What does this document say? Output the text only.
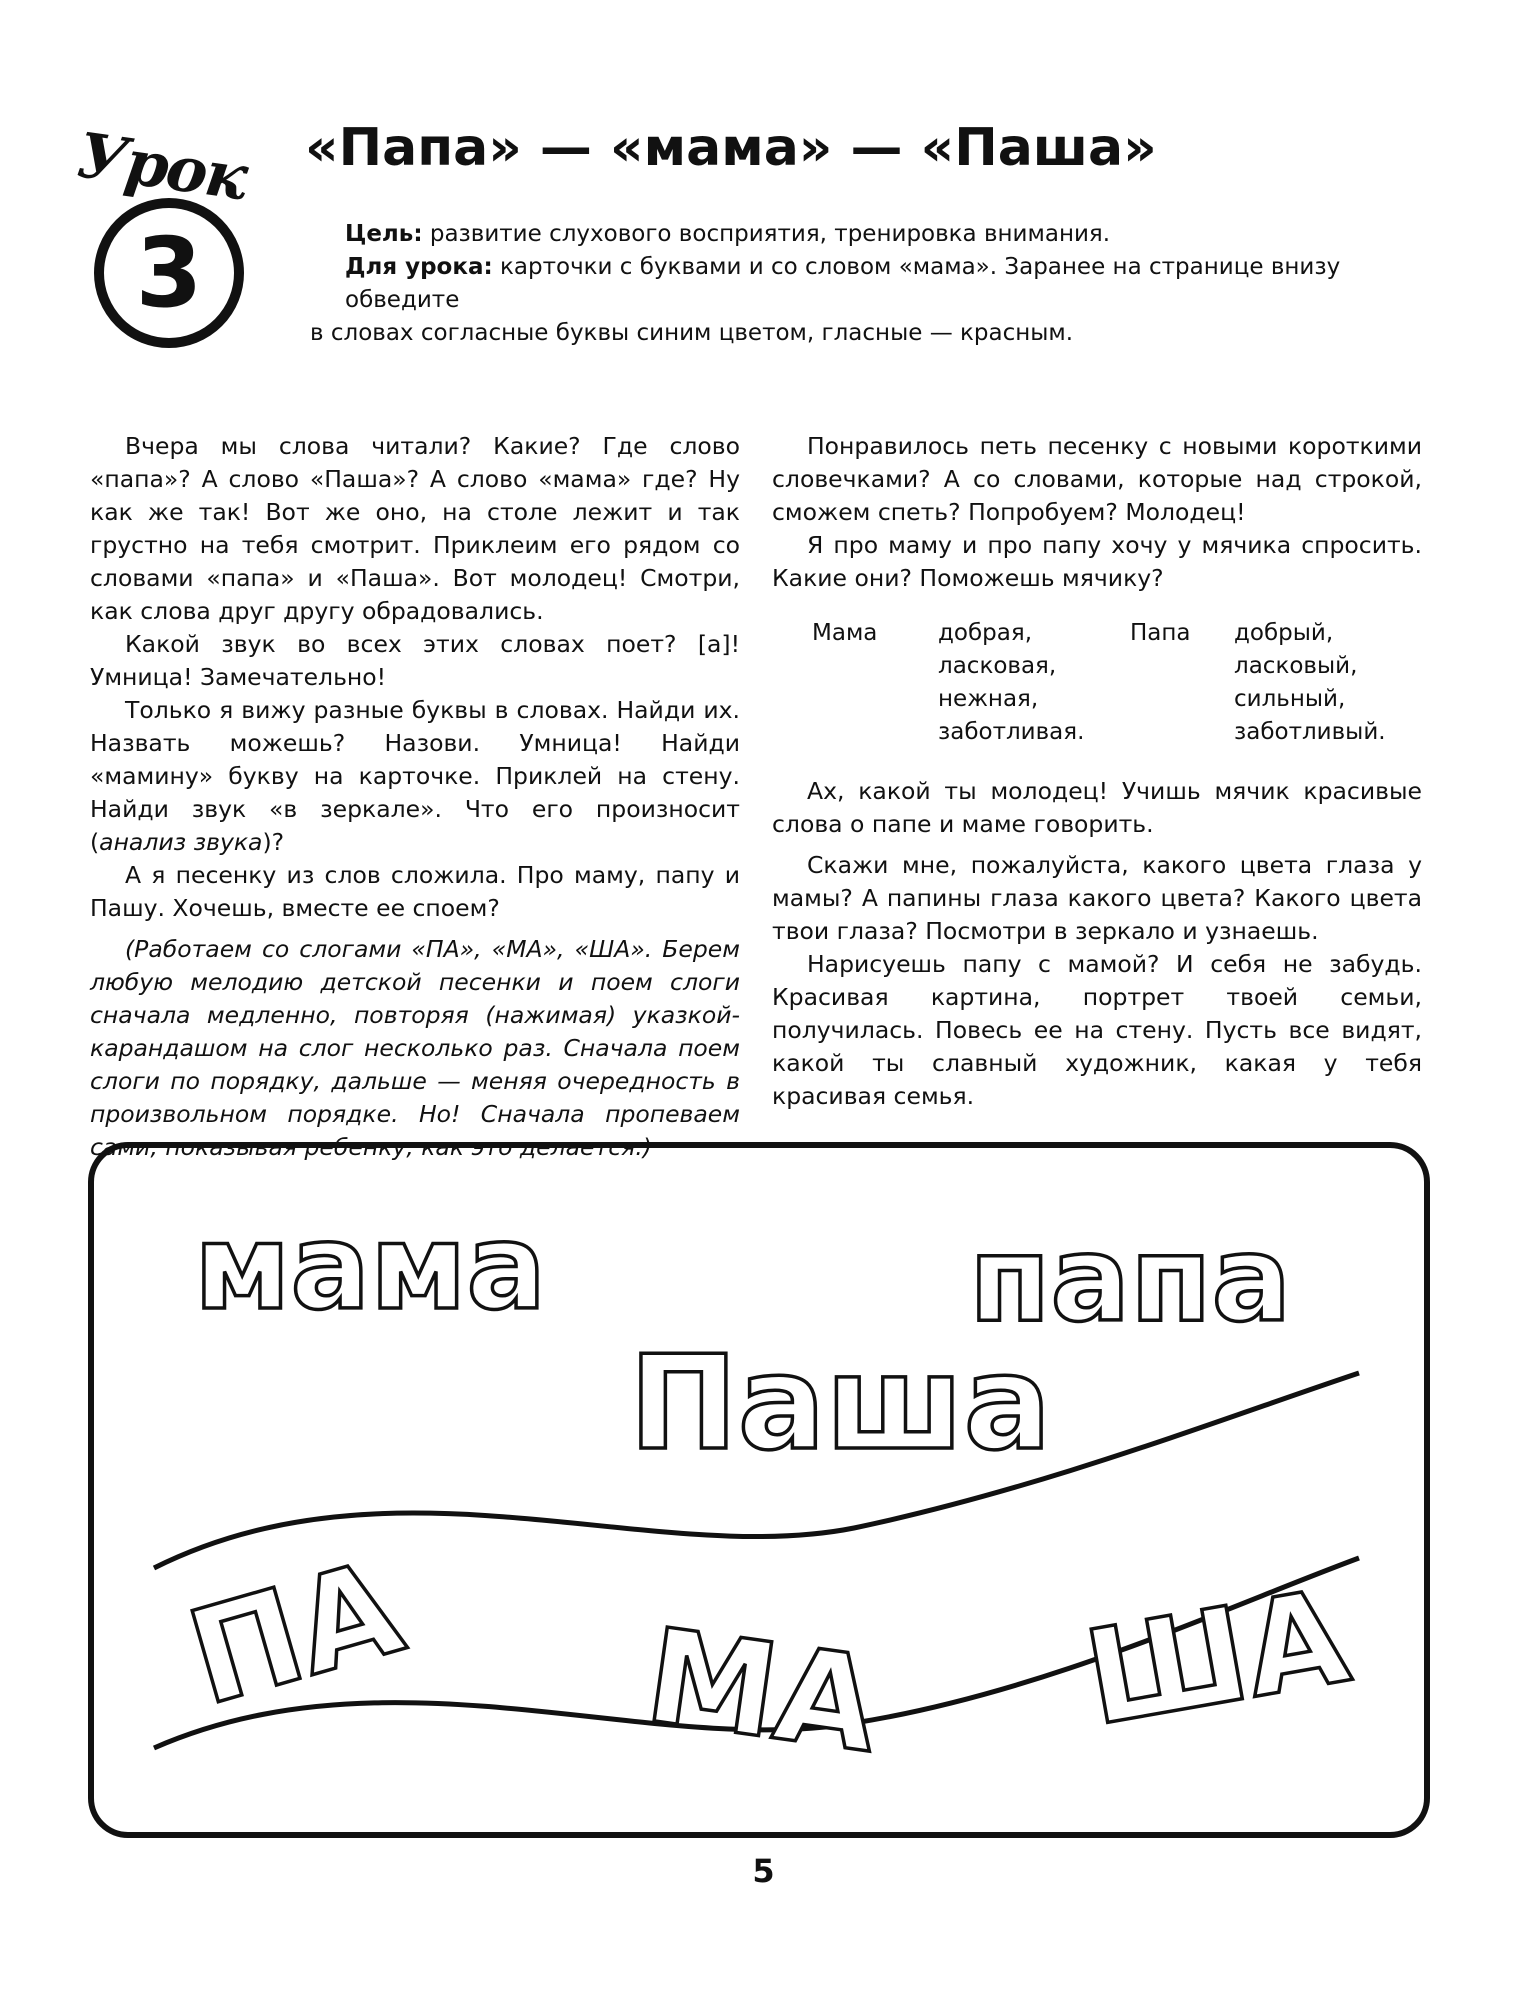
Урок
3
«Папа» — «мама» — «Паша»

Цель: развитие слухового восприятия, тренировка внимания.

Для урока: карточки с буквами и со словом «мама». Заранее на странице внизу обведите

в словах согласные буквы синим цветом, гласные — красным.

Вчера мы слова читали? Какие? Где слово «папа»? А слово «Паша»? А слово «мама» где? Ну как же так! Вот же оно, на столе лежит и так грустно на тебя смотрит. Приклеим его рядом со словами «папа» и «Паша». Вот молодец! Смотри, как слова друг другу обрадовались.

Какой звук во всех этих словах поет? [а]! Умница! Замечательно!

Только я вижу разные буквы в словах. Найди их. Назвать можешь? Назови. Умница! Найди «мамину» букву на карточке. Приклей на стену. Найди звук «в зеркале». Что его произносит (анализ звука)?

А я песенку из слов сложила. Про маму, папу и Пашу. Хочешь, вместе ее споем?

(Работаем со слогами «ПА», «МА», «ША». Берем любую мелодию детской песенки и поем слоги сначала медленно, повторяя (нажимая) указкой-карандашом на слог несколько раз. Сначала поем слоги по порядку, дальше — меняя очередность в произвольном порядке. Но! Сначала пропеваем сами, показывая ребенку, как это делается.)

Понравилось петь песенку с новыми короткими словечками? А со словами, которые над строкой, сможем спеть? Попробуем? Молодец!

Я про маму и про папу хочу у мячика спросить. Какие они? Поможешь мячику?

Мама	добрая,
ласковая,
нежная,
заботливая.
Папа добрый,
ласковый,
сильный,
заботливый.

Ах, какой ты молодец! Учишь мячик красивые слова о папе и маме говорить.

Скажи мне, пожалуйста, какого цвета глаза у мамы? А папины глаза какого цвета? Какого цвета твои глаза? Посмотри в зеркало и узнаешь.

Нарисуешь папу с мамой? И себя не забудь. Красивая картина, портрет твоей семьи, получилась. Повесь ее на стену. Пусть все видят, какой ты славный художник, какая у тебя красивая семья.

мама	папа
Паша
ПА МА ША
5
